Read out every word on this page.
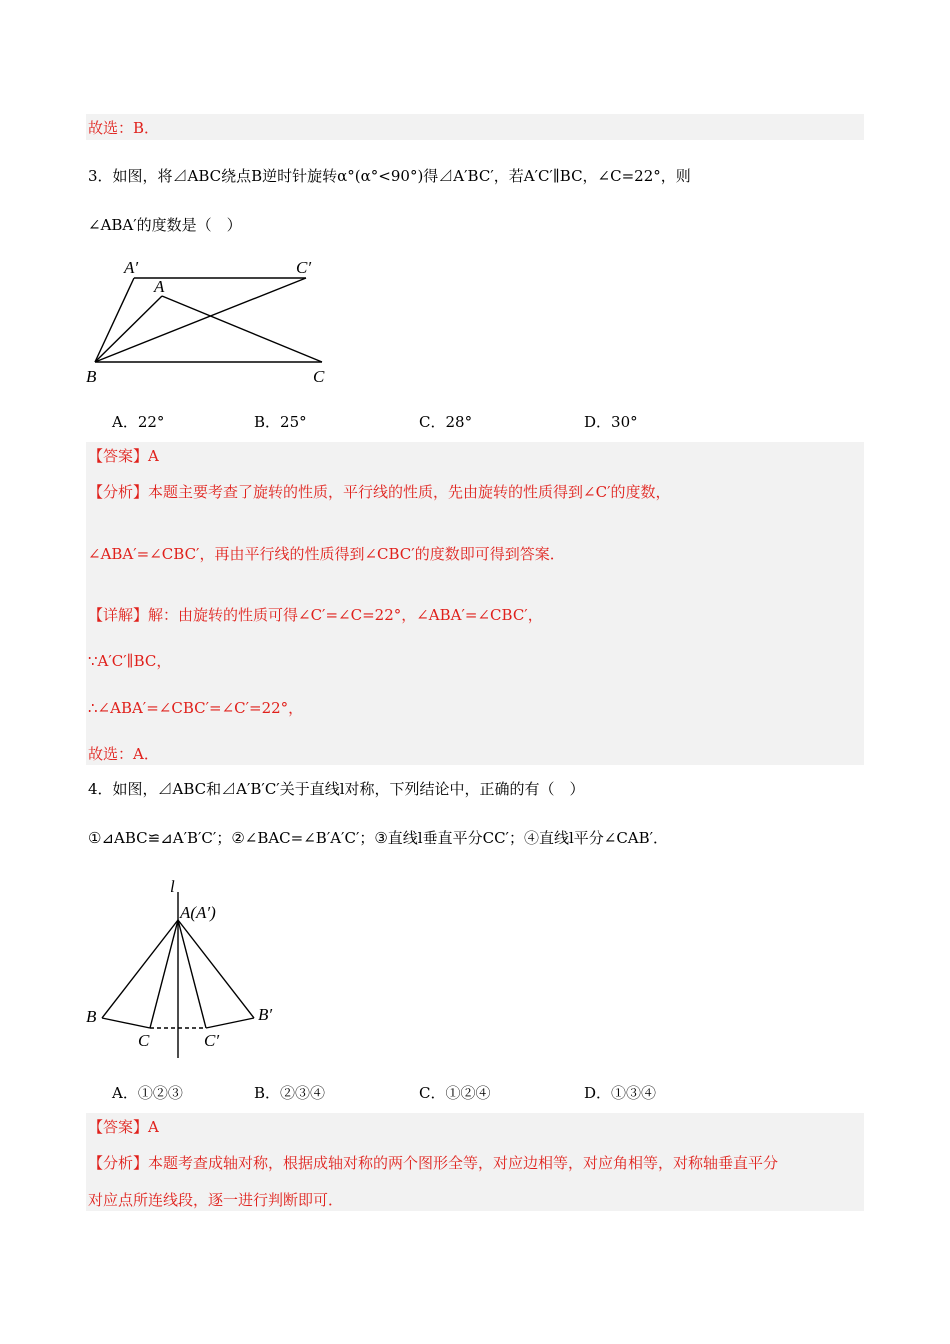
故选：B．
3．如图，将⊿ABC绕点B逆时针旋转α°(α°<90°)得⊿A′BC′，若A′C′∥BC，∠C=22°，则
∠ABA′的度数是（　）
A′	C′
A
B	C
A．22°	B．25°	C．28°	D．30°
【答案】A
【分析】本题主要考查了旋转的性质，平行线的性质，先由旋转的性质得到∠C′的度数，
∠ABA′=∠CBC′，再由平行线的性质得到∠CBC′的度数即可得到答案．
【详解】解：由旋转的性质可得∠C′=∠C=22°，∠ABA′=∠CBC′，
∵A′C′∥BC，
∴∠ABA′=∠CBC′=∠C′=22°，
故选：A．
4．如图，⊿ABC和⊿A′B′C′关于直线l对称，下列结论中，正确的有（　）
①⊿ABC≌⊿A′B′C′；②∠BAC=∠B′A′C′；③直线l垂直平分CC′；④直线l平分∠CAB′．
l
A(A′)
B	B′
C	C′
A．①②③	B．②③④	C．①②④	D．①③④
【答案】A
【分析】本题考查成轴对称，根据成轴对称的两个图形全等，对应边相等，对应角相等，对称轴垂直平分
对应点所连线段，逐一进行判断即可．
